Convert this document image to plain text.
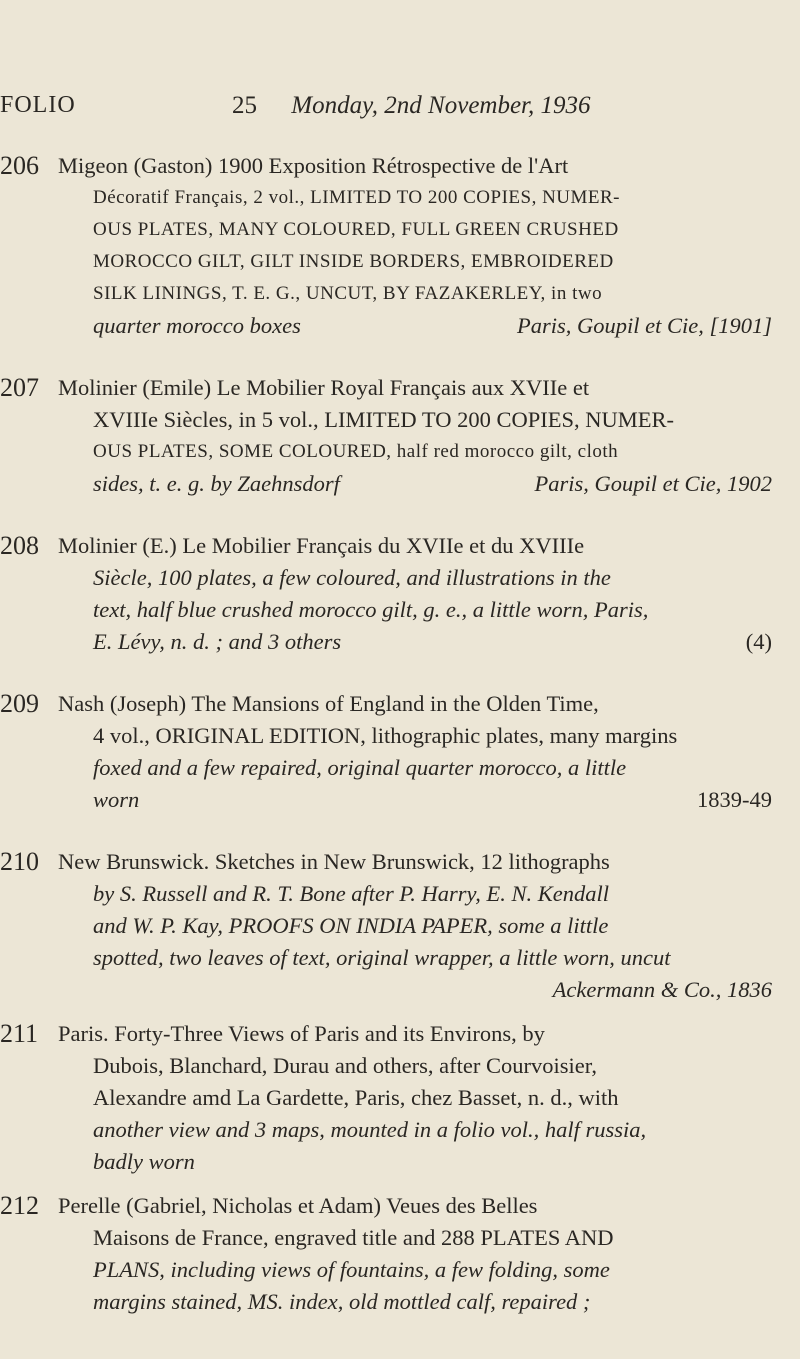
FOLIO	25 Monday, 2nd November, 1936
206 Migeon (Gaston) 1900 Exposition Rétrospective de l'Art

Décoratif Français, 2 vol., LIMITED TO 200 COPIES, NUMER-

OUS PLATES, MANY COLOURED, FULL GREEN CRUSHED

MOROCCO GILT, GILT INSIDE BORDERS, EMBROIDERED

SILK LININGS, T. E. G., UNCUT, BY FAZAKERLEY, in two

quarter morocco boxes	Paris, Goupil et Cie, [1901]

207 Molinier (Emile) Le Mobilier Royal Français aux XVIIe et

XVIIIe Siècles, in 5 vol., LIMITED TO 200 COPIES, NUMER-

OUS PLATES, SOME COLOURED, half red morocco gilt, cloth

sides, t. e. g. by Zaehnsdorf	Paris, Goupil et Cie, 1902

208 Molinier (E.) Le Mobilier Français du XVIIe et du XVIIIe

Siècle, 100 plates, a few coloured, and illustrations in the

text, half blue crushed morocco gilt, g. e., a little worn, Paris,

E. Lévy, n. d. ; and 3 others	(4)

209 Nash (Joseph) The Mansions of England in the Olden Time,

4 vol., ORIGINAL EDITION, lithographic plates, many margins

foxed and a few repaired, original quarter morocco, a little

worn	1839-49

210 New Brunswick. Sketches in New Brunswick, 12 lithographs

by S. Russell and R. T. Bone after P. Harry, E. N. Kendall

and W. P. Kay, PROOFS ON INDIA PAPER, some a little

spotted, two leaves of text, original wrapper, a little worn, uncut

Ackermann & Co., 1836

211 Paris. Forty-Three Views of Paris and its Environs, by

Dubois, Blanchard, Durau and others, after Courvoisier,

Alexandre amd La Gardette, Paris, chez Basset, n. d., with

another view and 3 maps, mounted in a folio vol., half russia,

badly worn

212 Perelle (Gabriel, Nicholas et Adam) Veues des Belles

Maisons de France, engraved title and 288 PLATES AND

PLANS, including views of fountains, a few folding, some

margins stained, MS. index, old mottled calf, repaired ;
